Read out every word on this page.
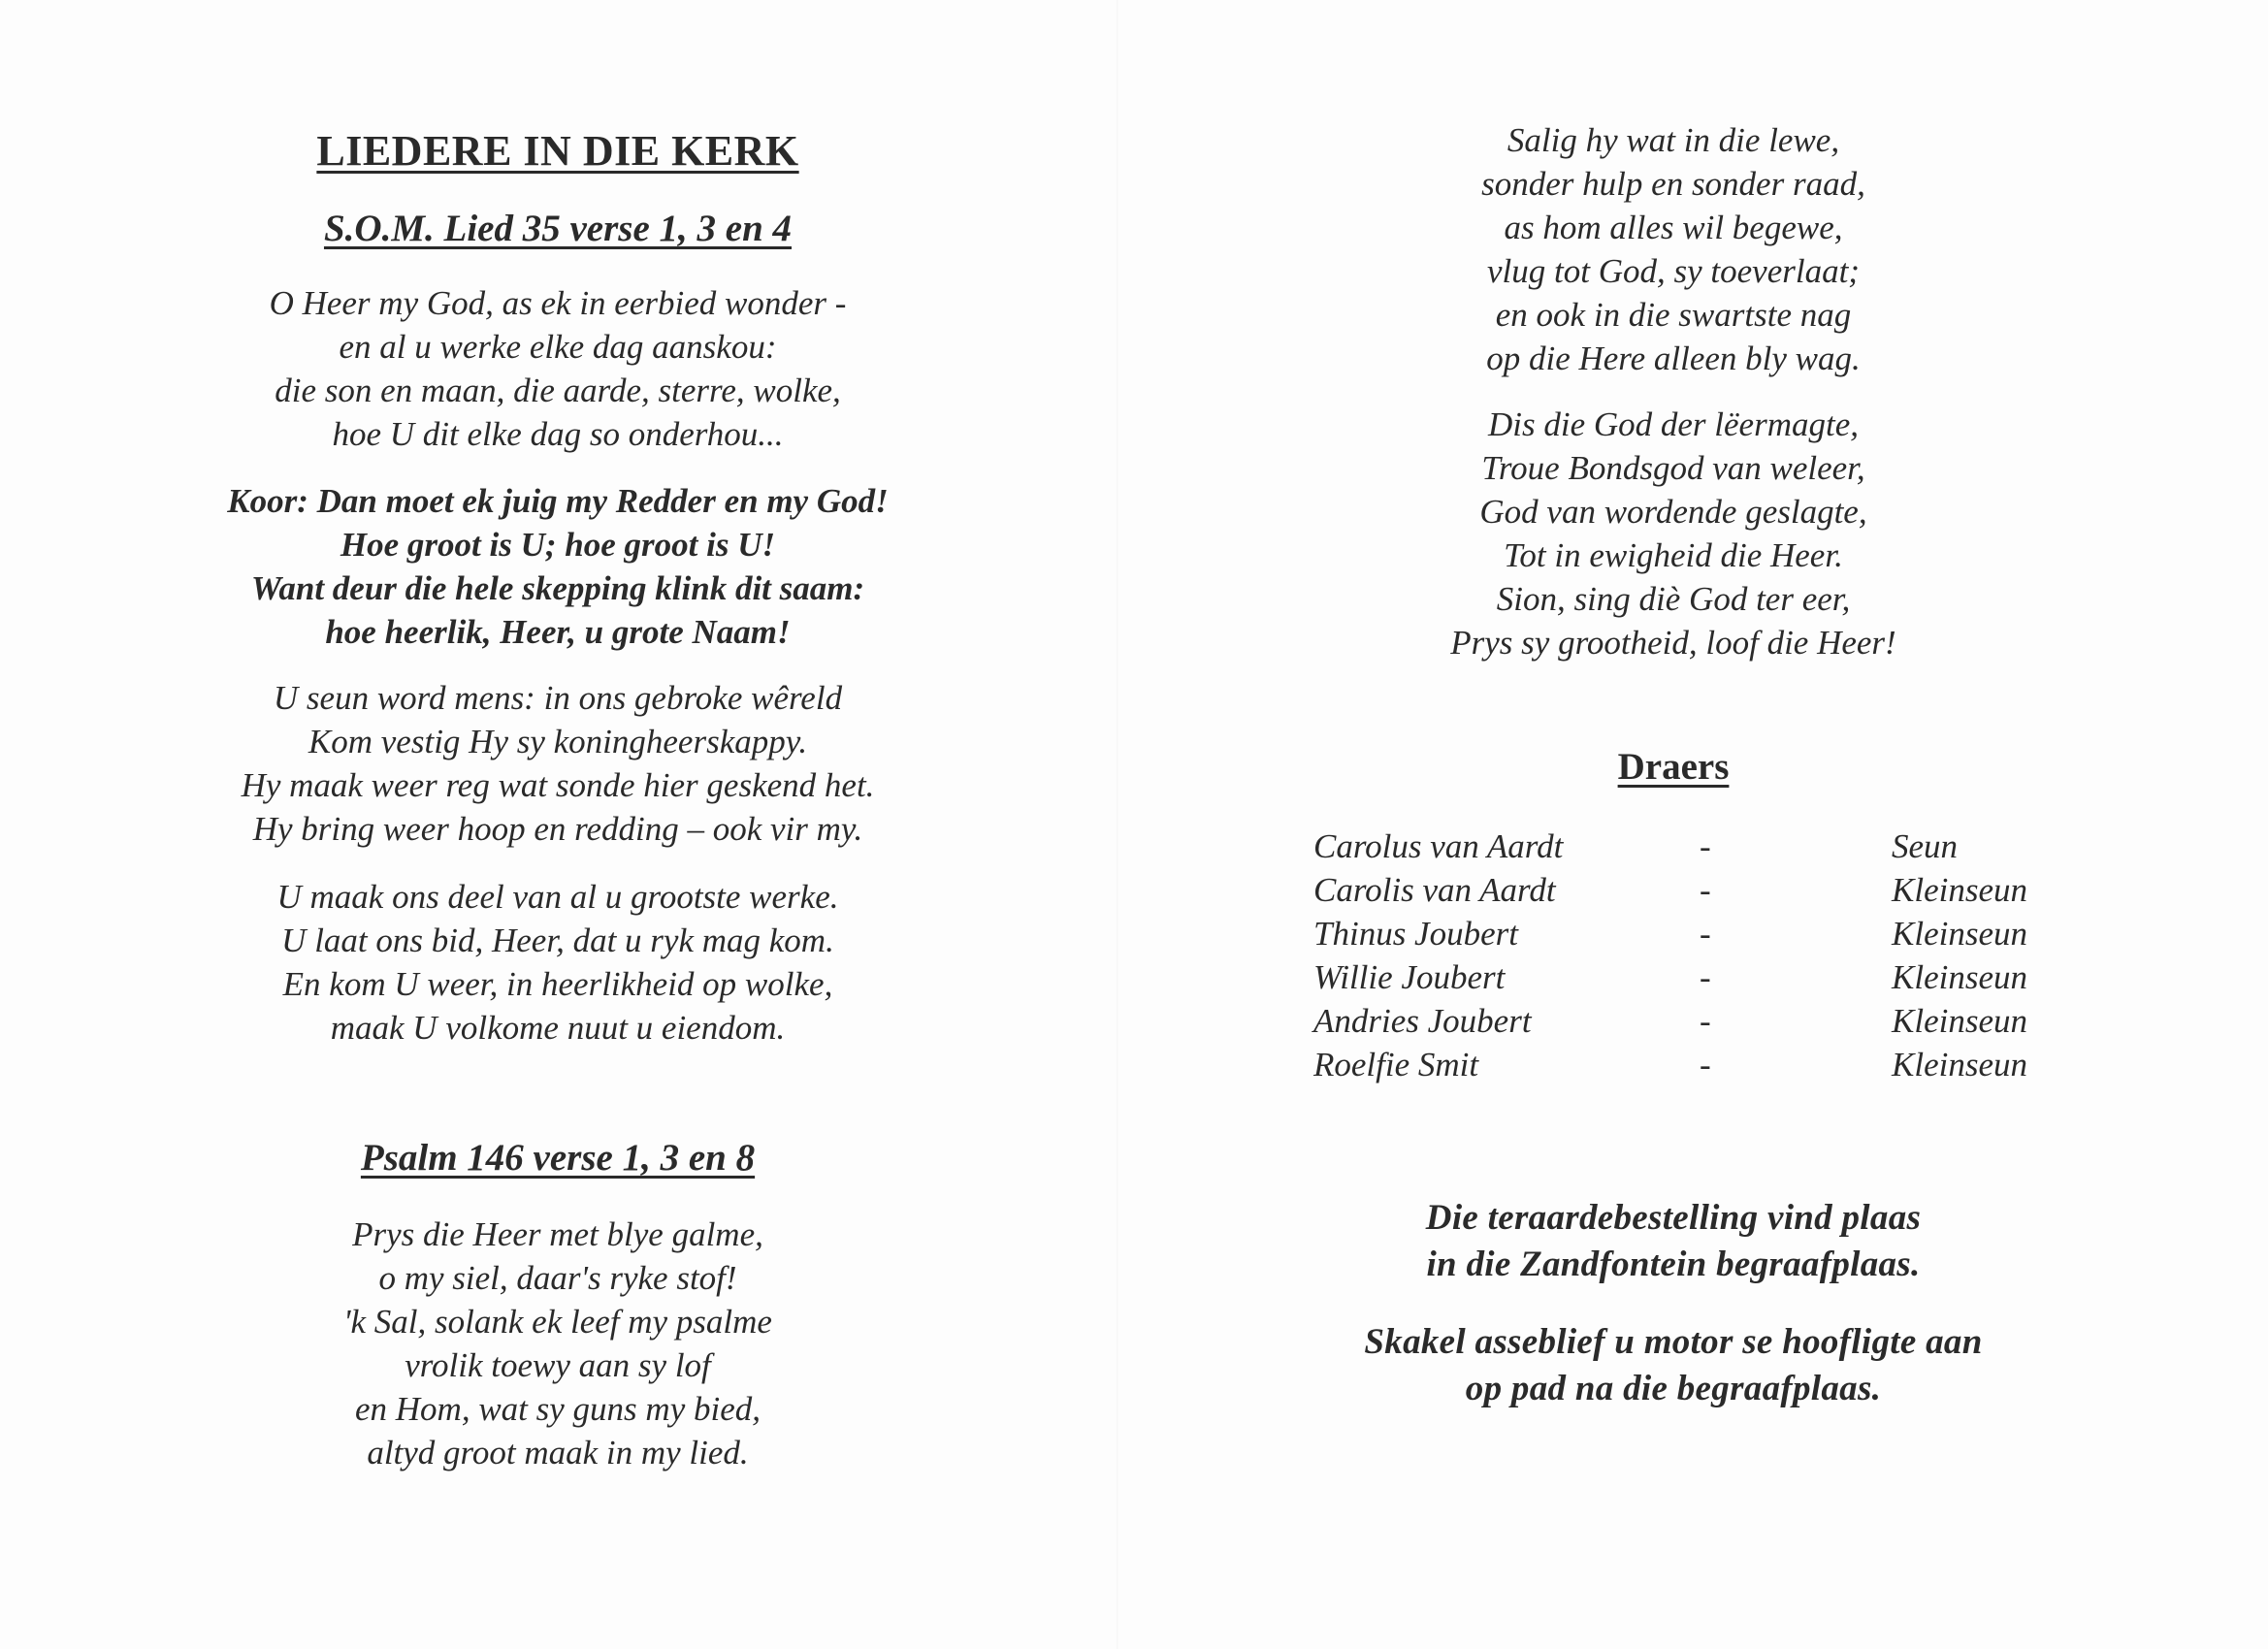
LIEDERE IN DIE KERK
S.O.M. Lied 35 verse 1, 3 en 4
O Heer my God, as ek in eerbied wonder -
en al u werke elke dag aanskou:
die son en maan, die aarde, sterre, wolke,
hoe U dit elke dag so onderhou...
Koor: Dan moet ek juig my Redder en my God!
Hoe groot is U; hoe groot is U!
Want deur die hele skepping klink dit saam:
hoe heerlik, Heer, u grote Naam!
U seun word mens: in ons gebroke wêreld
Kom vestig Hy sy koningheerskappy.
Hy maak weer reg wat sonde hier geskend het.
Hy bring weer hoop en redding – ook vir my.
U maak ons deel van al u grootste werke.
U laat ons bid, Heer, dat u ryk mag kom.
En kom U weer, in heerlikheid op wolke,
maak U volkome nuut u eiendom.
Psalm 146 verse 1, 3 en 8
Prys die Heer met blye galme,
o my siel, daar's ryke stof!
'k Sal, solank ek leef my psalme
vrolik toewy aan sy lof
en Hom, wat sy guns my bied,
altyd groot maak in my lied.
Salig hy wat in die lewe,
sonder hulp en sonder raad,
as hom alles wil begewe,
vlug tot God, sy toeverlaat;
en ook in die swartste nag
op die Here alleen bly wag.
Dis die God der lëermagte,
Troue Bondsgod van weleer,
God van wordende geslagte,
Tot in ewigheid die Heer.
Sion, sing diè God ter eer,
Prys sy grootheid, loof die Heer!
Draers
Carolus van Aardt	-	Seun
Carolis van Aardt	-	Kleinseun
Thinus Joubert	-	Kleinseun
Willie Joubert	-	Kleinseun
Andries Joubert	-	Kleinseun
Roelfie Smit	-	Kleinseun
Die teraardebestelling vind plaas
in die Zandfontein begraafplaas.
Skakel asseblief u motor se hoofligte aan
op pad na die begraafplaas.
